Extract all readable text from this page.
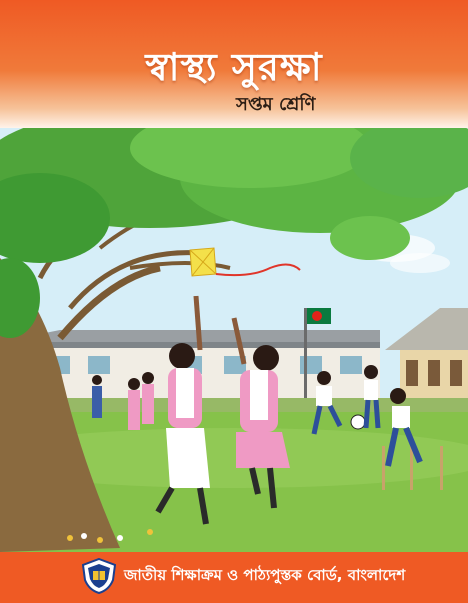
স্বাস্থ্য সুরক্ষা
সপ্তম শ্রেণি
জাতীয় শিক্ষাক্রম ও পাঠ্যপুস্তক বোর্ড, বাংলাদেশ
